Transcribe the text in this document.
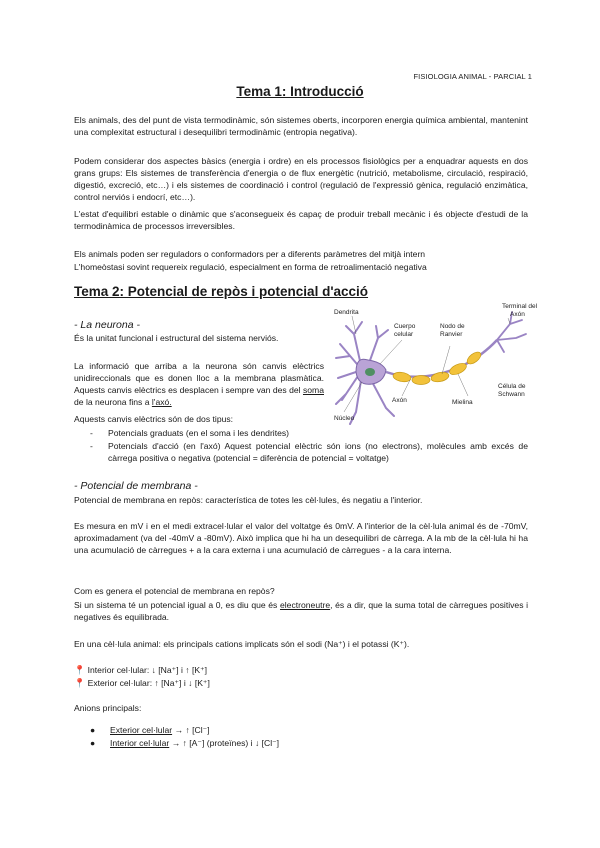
FISIOLOGIA ANIMAL - PARCIAL 1
Tema 1: Introducció
Els animals, des del punt de vista termodinàmic, són sistemes oberts, incorporen energia química ambiental, mantenint una complexitat estructural i desequilibri termodinàmic (entropia negativa).
Podem considerar dos aspectes bàsics (energia i ordre) en els processos fisiològics per a enquadrar aquests en dos grans grups: Els sistemes de transferència d'energia o de flux energètic (nutrició, metabolisme, circulació, respiració, digestió, excreció, etc…) i els sistemes de coordinació i control (regulació de l'expressió gènica, regulació enzimàtica, control nerviós i endocrí, etc…).
L'estat d'equilibri estable o dinàmic que s'aconsegueix és capaç de produir treball mecànic i és objecte d'estudi de la termodinàmica de processos irreversibles.
Els animals poden ser reguladors o conformadors per a diferents paràmetres del mitjà intern
L'homeòstasi sovint requereix regulació, especialment en forma de retroalimentació negativa
Tema 2: Potencial de repòs i potencial d'acció
- La neurona -
És la unitat funcional i estructural del sistema nerviós.
La informació que arriba a la neurona són canvis elèctrics unidireccionals que es donen lloc a la membrana plasmàtica. Aquests canvis elèctrics es desplacen i sempre van des del soma de la neurona fins a l'axó.
Aquests canvis elèctrics són de dos tipus:
- Potencials graduats (en el soma i les dendrites)
- Potencials d'acció (en l'axó) Aquest potencial elèctric són ions (no electrons), molècules amb excés de càrrega positiva o negativa (potencial = diferència de potencial = voltatge)
- Potencial de membrana -
Potencial de membrana en repòs: característica de totes les cèl·lules, és negatiu a l'interior.
Es mesura en mV i en el medi extracel·lular el valor del voltatge és 0mV. A l'interior de la cèl·lula animal és de -70mV, aproximadament (va del -40mV a -80mV). Això implica que hi ha un desequilibri de càrrega. A la mb de la cèl·lula hi ha una acumulació de càrregues + a la cara externa i una acumulació de càrregues - a la cara interna.
Com es genera el potencial de membrana en repòs?
Si un sistema té un potencial igual a 0, es diu que és electroneutre, és a dir, que la suma total de càrregues positives i negatives és equilibrada.
En una cèl·lula animal: els principals cations implicats són el sodi (Na⁺) i el potassi (K⁺).
📍 Interior cel·lular: ↓ [Na⁺] i ↑ [K⁺]
📍 Exterior cel·lular: ↑ [Na⁺] i ↓ [K⁺]
Anions principals:
● Exterior cel·lular → ↑ [Cl⁻]
● Interior cel·lular → ↑ [A⁻] (proteïnes) i ↓ [Cl⁻]
Dendrita
Cuerpo
celular
Nodo de
Ranvier
Terminal del
Axón
Axón
Célula de
Schwann
Mielina
Núcleo
